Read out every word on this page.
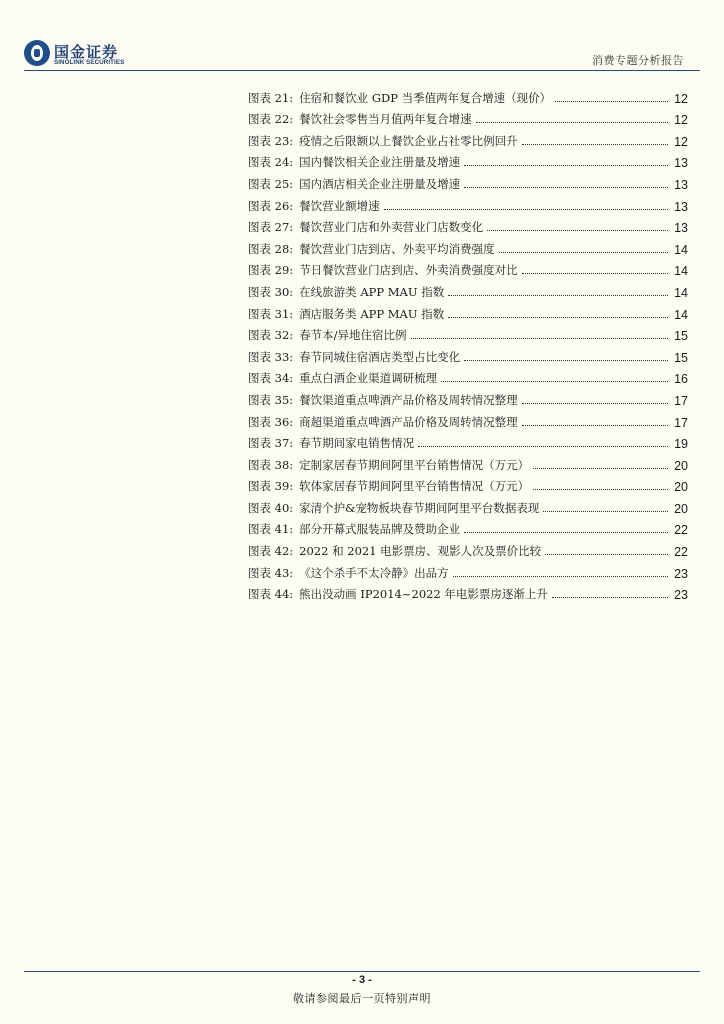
国金证券
SINOLINK SECURITIES	消费专题分析报告
图表 21: 住宿和餐饮业 GDP 当季值两年复合增速（现价）	12
图表 22: 餐饮社会零售当月值两年复合增速	12
图表 23: 疫情之后限额以上餐饮企业占社零比例回升	12
图表 24: 国内餐饮相关企业注册量及增速	13
图表 25: 国内酒店相关企业注册量及增速	13
图表 26: 餐饮营业额增速	13
图表 27: 餐饮营业门店和外卖营业门店数变化	13
图表 28: 餐饮营业门店到店、外卖平均消费强度	14
图表 29: 节日餐饮营业门店到店、外卖消费强度对比	14
图表 30: 在线旅游类 APP MAU 指数	14
图表 31: 酒店服务类 APP MAU 指数	14
图表 32: 春节本/异地住宿比例	15
图表 33: 春节同城住宿酒店类型占比变化	15
图表 34: 重点白酒企业渠道调研梳理	16
图表 35: 餐饮渠道重点啤酒产品价格及周转情况整理	17
图表 36: 商超渠道重点啤酒产品价格及周转情况整理	17
图表 37: 春节期间家电销售情况	19
图表 38: 定制家居春节期间阿里平台销售情况（万元）	20
图表 39: 软体家居春节期间阿里平台销售情况（万元）	20
图表 40: 家清个护&宠物板块春节期间阿里平台数据表现	20
图表 41: 部分开幕式服装品牌及赞助企业	22
图表 42: 2022 和 2021 电影票房、观影人次及票价比较	22
图表 43: 《这个杀手不太冷静》出品方	23
图表 44: 熊出没动画 IP2014~2022 年电影票房逐渐上升	23
- 3 -
敬请参阅最后一页特别声明
